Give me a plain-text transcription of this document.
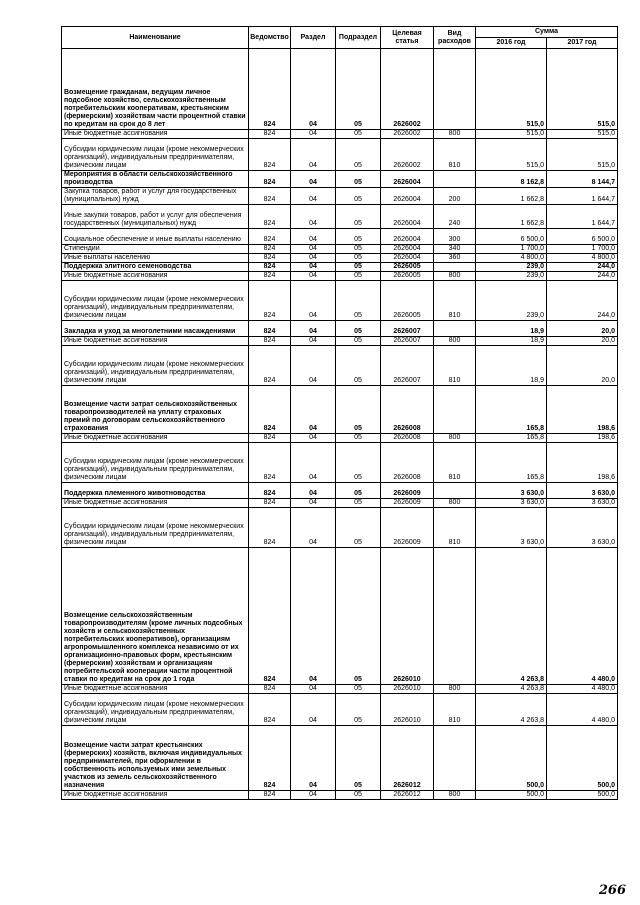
Наименование	Ведомство	Раздел	Подраздел	Целевая статья	Вид расходов	Сумма	
						2016 год	2017 год
Возмещение гражданам, ведущим личное подсобное хозяйство, сельскохозяйственным потребительским кооперативам, крестьянским (фермерским) хозяйствам части процентной ставки по кредитам на срок до 8 лет	824	04	05	2626002		515,0	515,0
Иные бюджетные ассигнования	824	04	05	2626002	800	515,0	515,0
Субсидии юридическим лицам (кроме некоммерческих организаций), индивидуальным предпринимателям, физическим лицам	824	04	05	2626002	810	515,0	515,0
Мероприятия в области сельскохозяйственного производства	824	04	05	2626004		8 162,8	8 144,7
Закупка товаров, работ и услуг для государственных (муниципальных) нужд	824	04	05	2626004	200	1 662,8	1 644,7
Иные закупки товаров, работ и услуг для обеспечения государственных (муниципальных) нужд	824	04	05	2626004	240	1 662,8	1 644,7
Социальное обеспечение и иные выплаты населению	824	04	05	2626004	300	6 500,0	6 500,0
Стипендии	824	04	05	2626004	340	1 700,0	1 700,0
Иные выплаты населению	824	04	05	2626004	360	4 800,0	4 800,0
Поддержка элитного семеноводства	824	04	05	2626005		239,0	244,0
Иные бюджетные ассигнования	824	04	05	2626005	800	239,0	244,0
Субсидии юридическим лицам (кроме некоммерческих организаций), индивидуальным предпринимателям, физическим лицам	824	04	05	2626005	810	239,0	244,0
Закладка и уход за многолетними насаждениями	824	04	05	2626007		18,9	20,0
Иные бюджетные ассигнования	824	04	05	2626007	800	18,9	20,0
Субсидии юридическим лицам (кроме некоммерческих организаций), индивидуальным предпринимателям, физическим лицам	824	04	05	2626007	810	18,9	20,0
Возмещение части затрат сельскохозяйственных товаропроизводителей на уплату страховых премий по договорам сельскохозяйственного страхования	824	04	05	2626008		165,8	198,6
Иные бюджетные ассигнования	824	04	05	2626008	800	165,8	198,6
Субсидии юридическим лицам (кроме некоммерческих организаций), индивидуальным предпринимателям, физическим лицам	824	04	05	2626008	810	165,8	198,6
Поддержка племенного животноводства	824	04	05	2626009		3 630,0	3 630,0
Иные бюджетные ассигнования	824	04	05	2626009	800	3 630,0	3 630,0
Субсидии юридическим лицам (кроме некоммерческих организаций), индивидуальным предпринимателям, физическим лицам	824	04	05	2626009	810	3 630,0	3 630,0
Возмещение сельскохозяйственным товаропроизводителям (кроме личных подсобных хозяйств и сельскохозяйственных потребительских кооперативов), организациям агропромышленного комплекса независимо от их организационно-правовых форм, крестьянским (фермерским) хозяйствам и организациям потребительской кооперации части процентной ставки по кредитам на срок до 1 года	824	04	05	2626010		4 263,8	4 480,0
Иные бюджетные ассигнования	824	04	05	2626010	800	4 263,8	4 480,0
Субсидии юридическим лицам (кроме некоммерческих организаций), индивидуальным предпринимателям, физическим лицам	824	04	05	2626010	810	4 263,8	4 480,0
Возмещение части затрат крестьянских (фермерских) хозяйств, включая индивидуальных предпринимателей, при оформлении в собственность используемых ими земельных участков из земель сельскохозяйственного назначения	824	04	05	2626012		500,0	500,0
Иные бюджетные ассигнования	824	04	05	2626012	800	500,0	500,0
266
